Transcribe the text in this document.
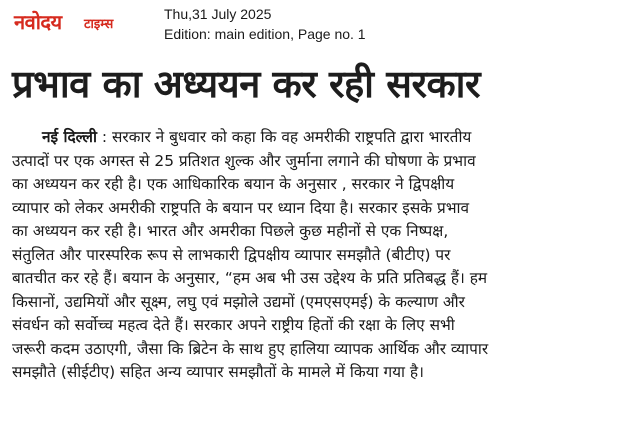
नवोदय टाइम्स
Thu,31 July 2025
Edition: main edition, Page no. 1
प्रभाव का अध्ययन कर रही सरकार
नई दिल्ली : सरकार ने बुधवार को कहा कि वह अमरीकी राष्ट्रपति द्वारा भारतीय
उत्पादों पर एक अगस्त से 25 प्रतिशत शुल्क और जुर्माना लगाने की घोषणा के प्रभाव
का अध्ययन कर रही है। एक आधिकारिक बयान के अनुसार , सरकार ने द्विपक्षीय
व्यापार को लेकर अमरीकी राष्ट्रपति के बयान पर ध्यान दिया है। सरकार इसके प्रभाव
का अध्ययन कर रही है। भारत और अमरीका पिछले कुछ महीनों से एक निष्पक्ष,
संतुलित और पारस्परिक रूप से लाभकारी द्विपक्षीय व्यापार समझौते (बीटीए) पर
बातचीत कर रहे हैं। बयान के अनुसार, “हम अब भी उस उद्देश्य के प्रति प्रतिबद्ध हैं। हम
किसानों, उद्यमियों और सूक्ष्म, लघु एवं मझोले उद्यमों (एमएसएमई) के कल्याण और
संवर्धन को सर्वोच्च महत्व देते हैं। सरकार अपने राष्ट्रीय हितों की रक्षा के लिए सभी
जरूरी कदम उठाएगी, जैसा कि ब्रिटेन के साथ हुए हालिया व्यापक आर्थिक और व्यापार
समझौते (सीईटीए) सहित अन्य व्यापार समझौतों के मामले में किया गया है।
